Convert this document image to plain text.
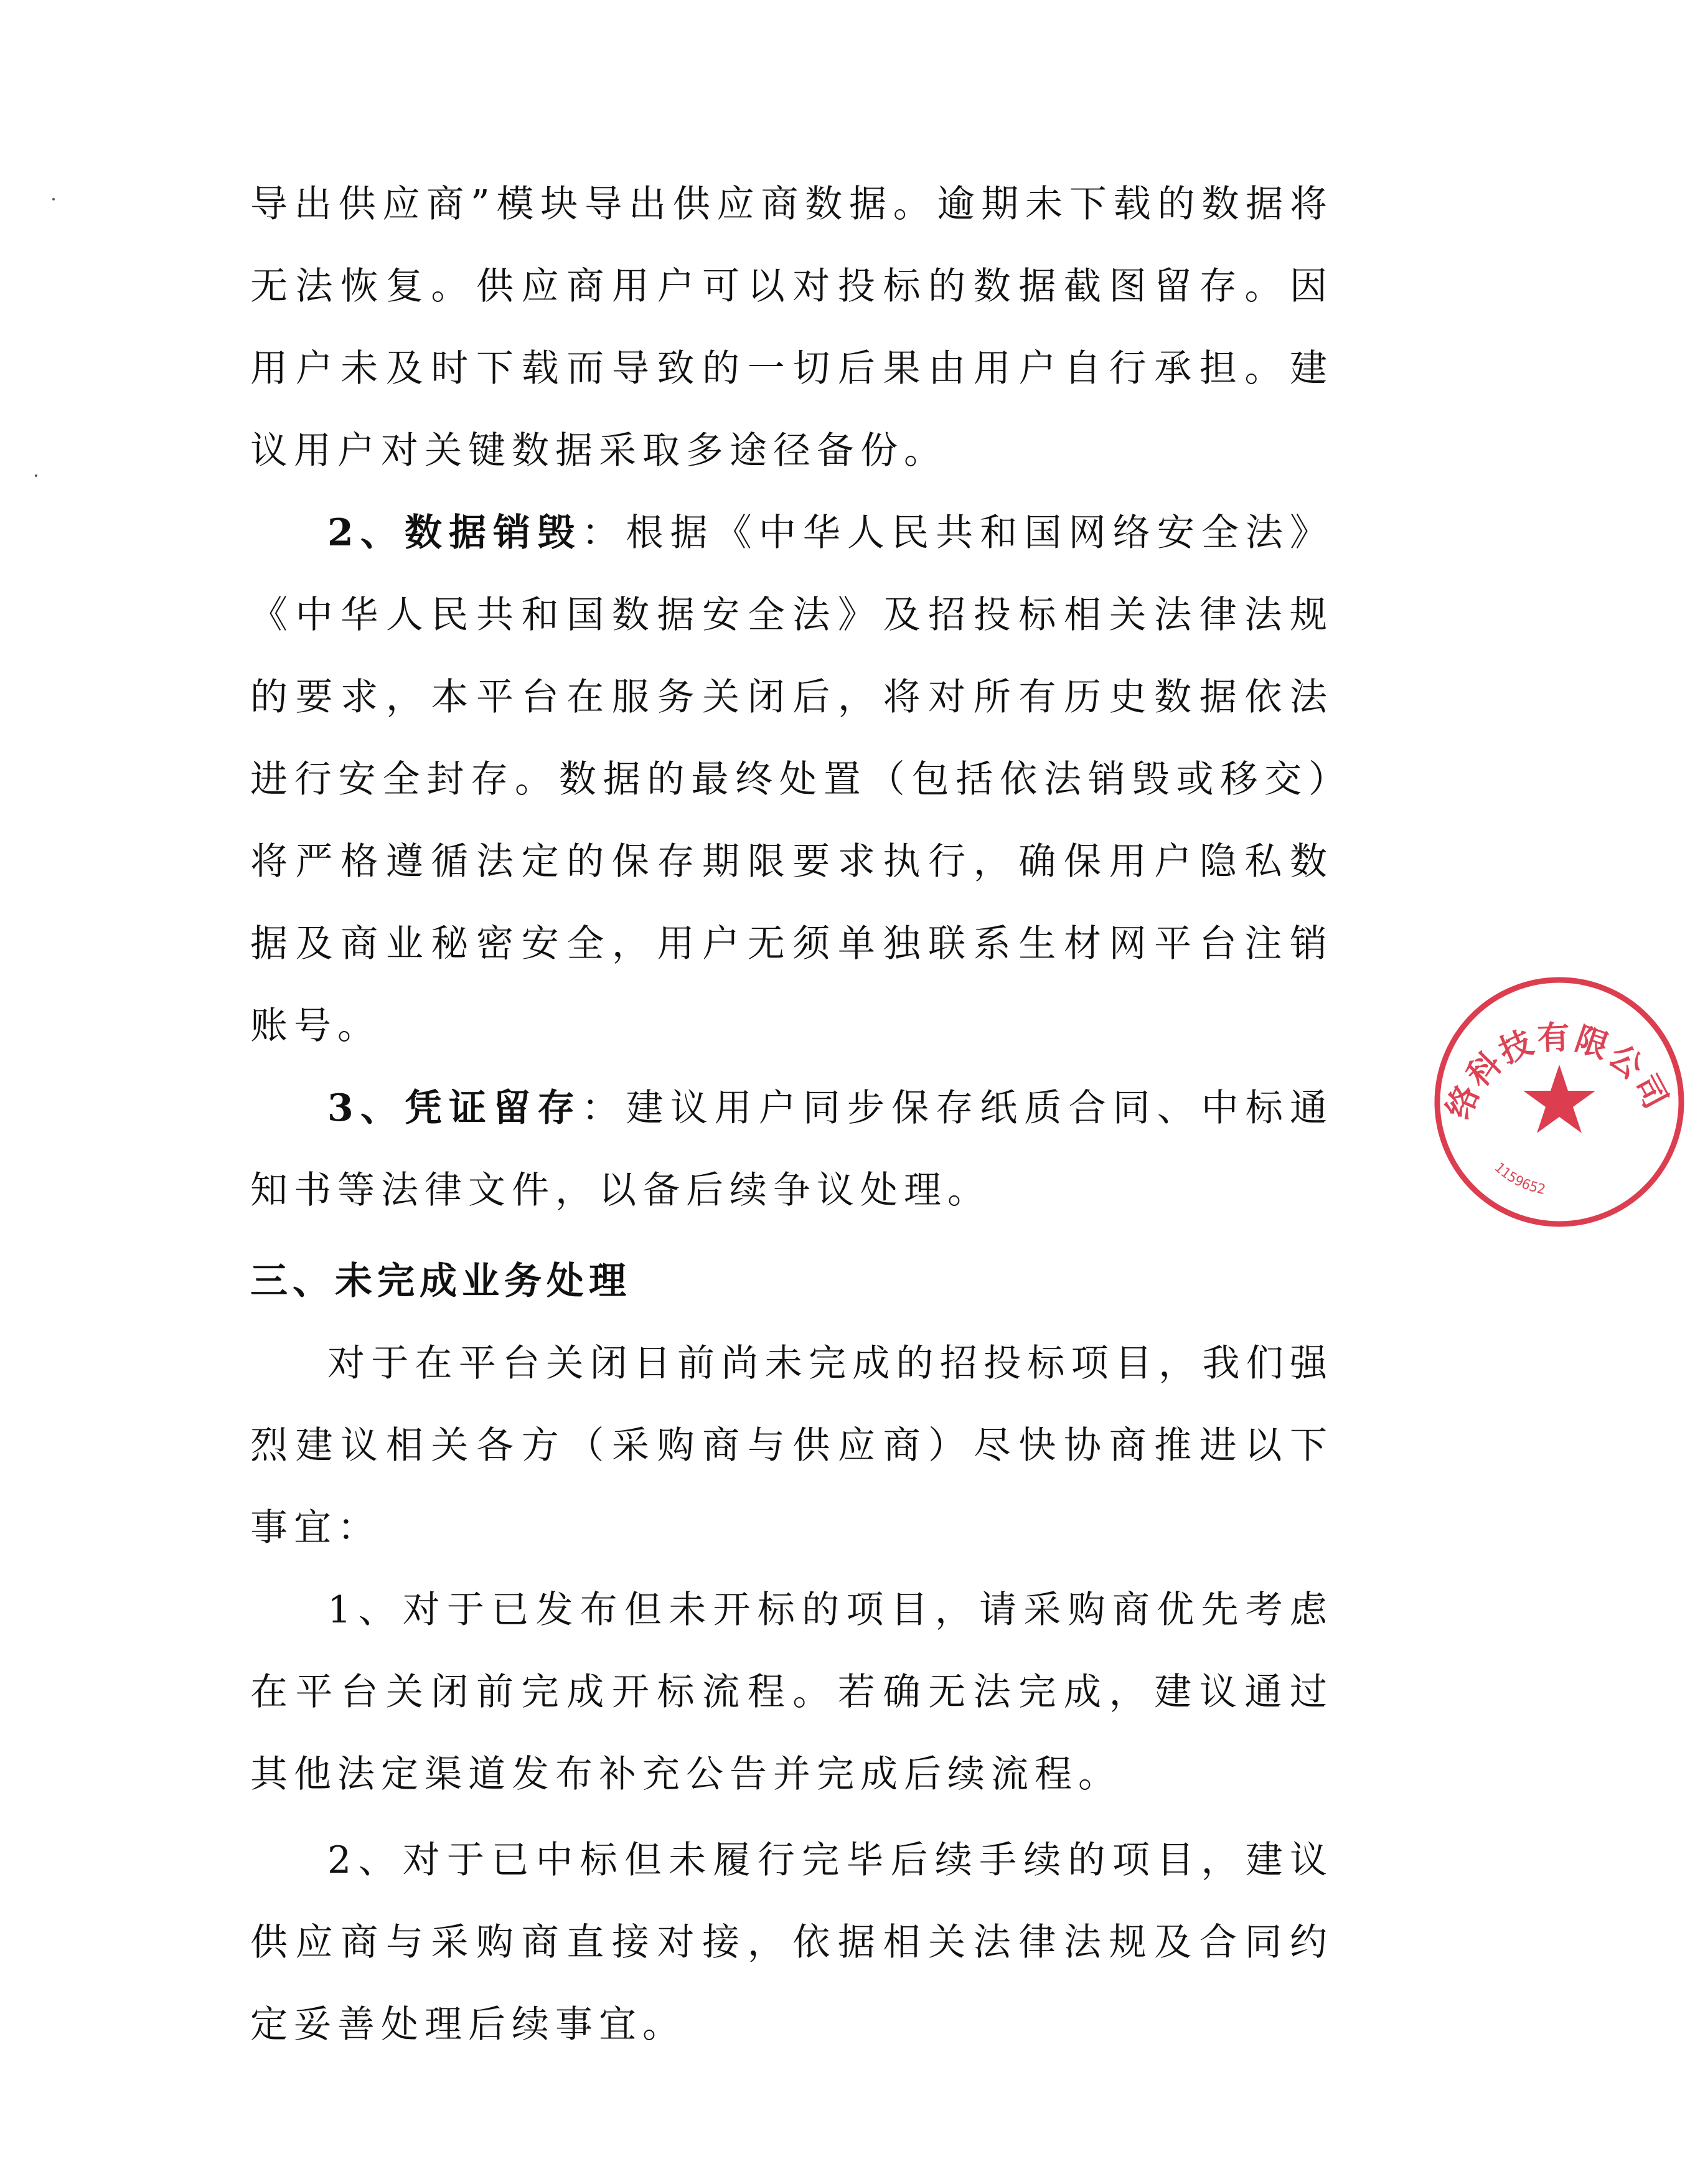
导出供应商”模块导出供应商数据。逾期未下载的数据将无法恢复。供应商用户可以对投标的数据截图留存。因用户未及时下载而导致的一切后果由用户自行承担。建议用户对关键数据采取多途径备份。

2、数据销毁：根据《中华人民共和国网络安全法》《中华人民共和国数据安全法》及招投标相关法律法规的要求，本平台在服务关闭后，将对所有历史数据依法进行安全封存。数据的最终处置（包括依法销毁或移交）将严格遵循法定的保存期限要求执行，确保用户隐私数据及商业秘密安全，用户无须单独联系生材网平台注销账号。

3、凭证留存：建议用户同步保存纸质合同、中标通知书等法律文件，以备后续争议处理。

三、未完成业务处理

对于在平台关闭日前尚未完成的招投标项目，我们强烈建议相关各方（采购商与供应商）尽快协商推进以下事宜：

1、对于已发布但未开标的项目，请采购商优先考虑在平台关闭前完成开标流程。若确无法完成，建议通过其他法定渠道发布补充公告并完成后续流程。

2、对于已中标但未履行完毕后续手续的项目，建议供应商与采购商直接对接，依据相关法律法规及合同约定妥善处理后续事宜。

络科技有限公司
1159652
